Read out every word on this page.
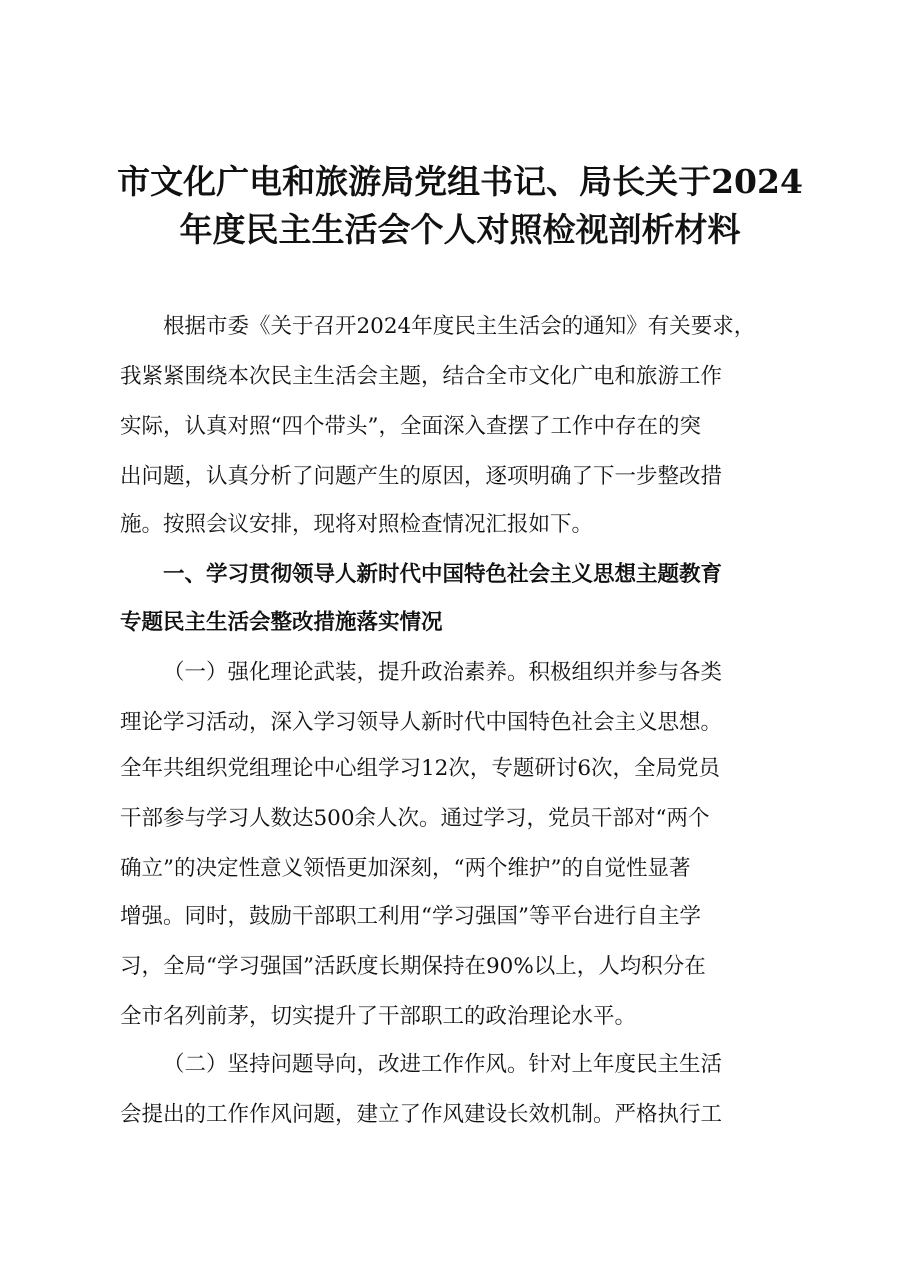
市文化广电和旅游局党组书记、局长关于2024
年度民主生活会个人对照检视剖析材料

根据市委《关于召开2024年度民主生活会的通知》有关要求，

我紧紧围绕本次民主生活会主题，结合全市文化广电和旅游工作

实际，认真对照“四个带头”，全面深入查摆了工作中存在的突

出问题，认真分析了问题产生的原因，逐项明确了下一步整改措

施。按照会议安排，现将对照检查情况汇报如下。

一、学习贯彻领导人新时代中国特色社会主义思想主题教育

专题民主生活会整改措施落实情况

（一）强化理论武装，提升政治素养。积极组织并参与各类

理论学习活动，深入学习领导人新时代中国特色社会主义思想。

全年共组织党组理论中心组学习12次，专题研讨6次，全局党员

干部参与学习人数达500余人次。通过学习，党员干部对“两个

确立”的决定性意义领悟更加深刻，“两个维护”的自觉性显著

增强。同时，鼓励干部职工利用“学习强国”等平台进行自主学

习，全局“学习强国”活跃度长期保持在90%以上，人均积分在

全市名列前茅，切实提升了干部职工的政治理论水平。

（二）坚持问题导向，改进工作作风。针对上年度民主生活

会提出的工作作风问题，建立了作风建设长效机制。严格执行工
